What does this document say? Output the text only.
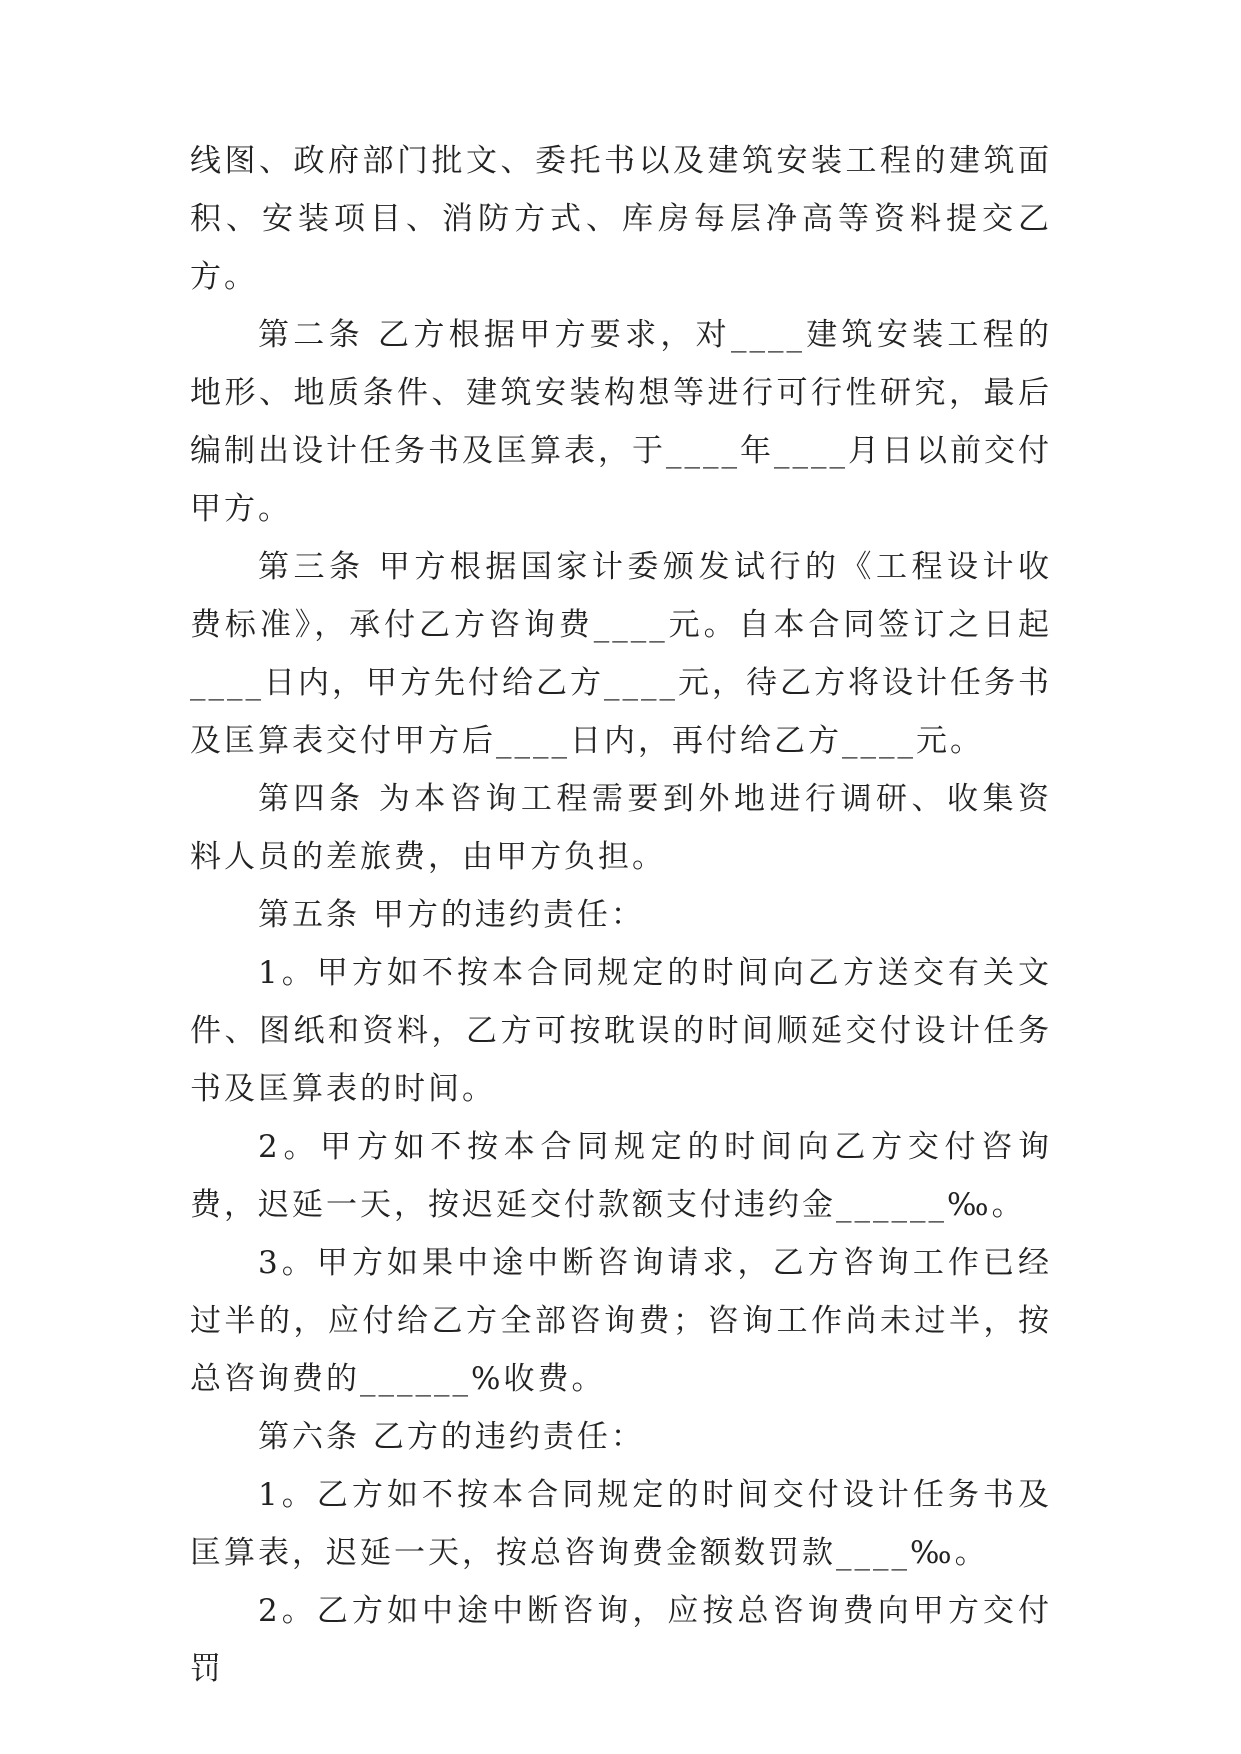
线图、政府部门批文、委托书以及建筑安装工程的建筑面积、安装项目、消防方式、库房每层净高等资料提交乙方。

第二条 乙方根据甲方要求，对____建筑安装工程的地形、地质条件、建筑安装构想等进行可行性研究，最后编制出设计任务书及匡算表，于____年____月日以前交付甲方。

第三条 甲方根据国家计委颁发试行的《工程设计收费标准》，承付乙方咨询费____元。自本合同签订之日起____日内，甲方先付给乙方____元，待乙方将设计任务书及匡算表交付甲方后____日内，再付给乙方____元。

第四条 为本咨询工程需要到外地进行调研、收集资料人员的差旅费，由甲方负担。

第五条 甲方的违约责任：

1。甲方如不按本合同规定的时间向乙方送交有关文件、图纸和资料，乙方可按耽误的时间顺延交付设计任务书及匡算表的时间。

2。甲方如不按本合同规定的时间向乙方交付咨询费，迟延一天，按迟延交付款额支付违约金______‰。

3。甲方如果中途中断咨询请求，乙方咨询工作已经过半的，应付给乙方全部咨询费；咨询工作尚未过半，按总咨询费的______%收费。

第六条 乙方的违约责任：

1。乙方如不按本合同规定的时间交付设计任务书及匡算表，迟延一天，按总咨询费金额数罚款____‰。

2。乙方如中途中断咨询，应按总咨询费向甲方交付罚
